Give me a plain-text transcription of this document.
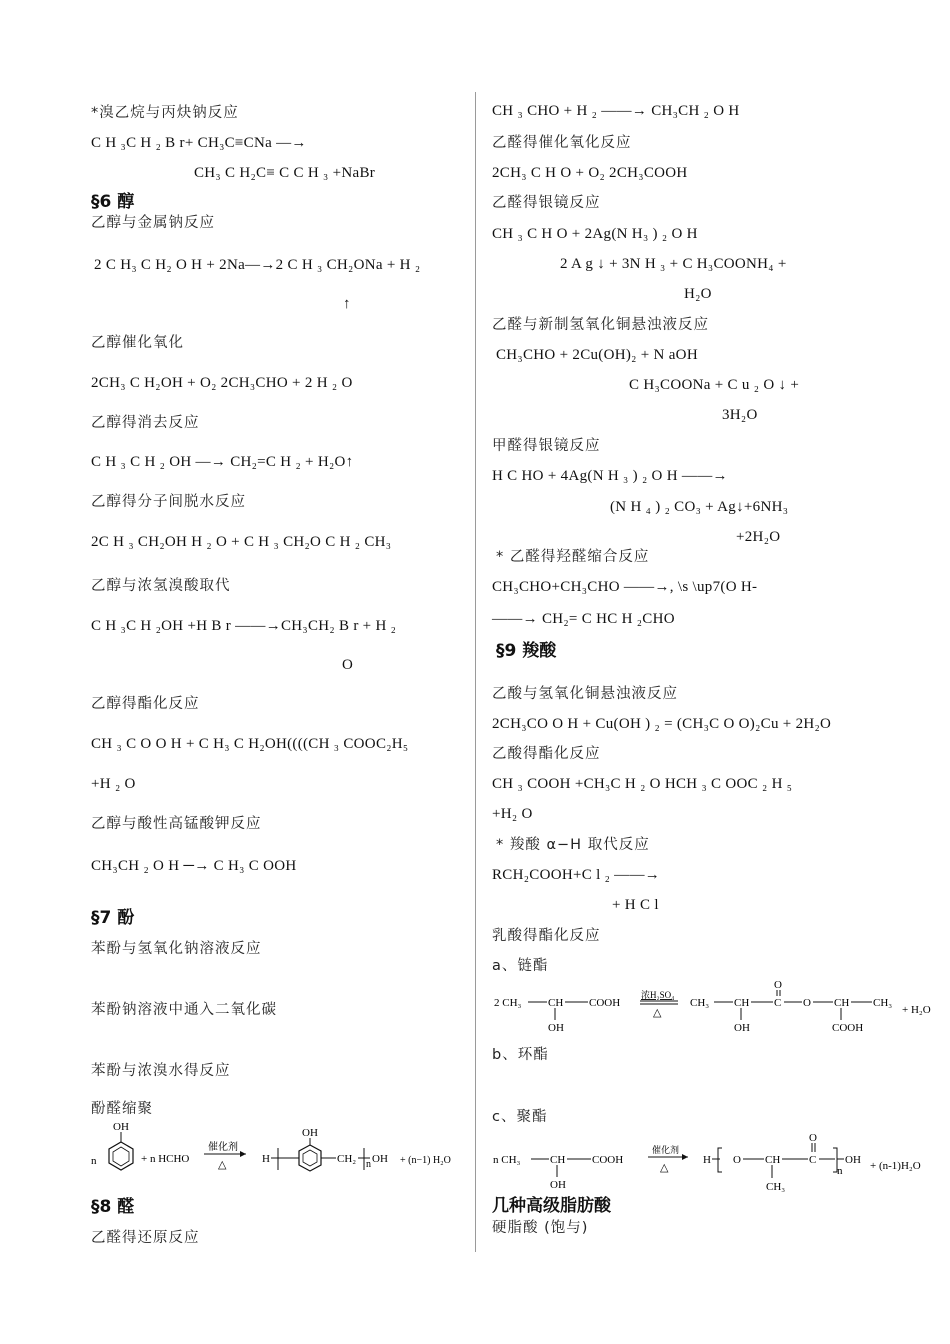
*溴乙烷与丙炔钠反应
C H ₃C H ₂ B r+ CH₃C≡CNa —→
CH₃ C H₂C≡ C C H ₃ +NaBr
§6 醇
乙醇与金属钠反应
2 C H₃ C H₂ O H + 2Na—→2 C H ₃ CH₂ONa + H ₂
↑
乙醇催化氧化
2CH₃ C H₂OH + O₂ 2CH₃CHO + 2 H ₂ O
乙醇得消去反应
C H ₃ C H ₂ OH —→ CH₂=C H ₂ + H₂O↑
乙醇得分子间脱水反应
2C H ₃ CH₂OH H ₂ O + C H ₃ CH₂O C H ₂ CH₃
乙醇与浓氢溴酸取代
C H ₃C H ₂OH +H B r ——→CH₃CH₂ B r + H ₂
O
乙醇得酯化反应
CH ₃ C O O H + C H₃ C H₂OH((((CH ₃ COOC₂H₅
+H ₂ O
乙醇与酸性高锰酸钾反应
CH₃CH ₂ O H ─→ C H₃ C OOH
§7 酚
苯酚与氢氧化钠溶液反应
苯酚钠溶液中通入二氧化碳
苯酚与浓溴水得反应
酚醛缩聚
OH
n	+ n HCHO
催化剂
△	H
OH
CH₂ n OH + (n−1) H₂O
§8 醛
乙醛得还原反应
CH ₃ CHO + H ₂ ——→ CH₃CH ₂ O H
乙醛得催化氧化反应
2CH₃ C H O + O₂ 2CH₃COOH
乙醛得银镜反应
CH ₃ C H O + 2Ag(N H₃ ) ₂ O H
2 A g ↓ + 3N H ₃ + C H₃COONH₄ +
H₂O
乙醛与新制氢氧化铜悬浊液反应
CH₃CHO + 2Cu(OH)₂ + N aOH
C H₃COONa + C u ₂ O ↓ +
3H₂O
甲醛得银镜反应
H C HO + 4Ag(N H ₃ ) ₂ O H ——→
(N H ₄ ) ₂ CO₃ + Ag↓+6NH₃
+2H₂O
* 乙醛得羟醛缩合反应
CH₃CHO+CH₃CHO ——→, \s \up7(O H-
——→ CH₂= C HC H ₂CHO
§9 羧酸
乙酸与氢氧化铜悬浊液反应
2CH₃CO O H + Cu(OH ) ₂ = (CH₃C O O)₂Cu + 2H₂O
乙酸得酯化反应
CH ₃ COOH +CH₃C H ₂ O HCH ₃ C OOC ₂ H ₅
+H₂ O
* 羧酸 α−H 取代反应
RCH₂COOH+C l ₂ ——→
+ H C l
乳酸得酯化反应
a、链酯
2 CH₃ CH COOH
OH
浓H₂SO₄
△
CH₃ CH
OH
C
O
O CH
COOH
CH₃
+ H₂O
b、环酯
c、聚酯
n CH₃	CH
OH
COOH
催化剂
△
H O CH
CH₃
C
O
n
OH + (n-1)H₂O
几种高级脂肪酸
硬脂酸 (饱与)
